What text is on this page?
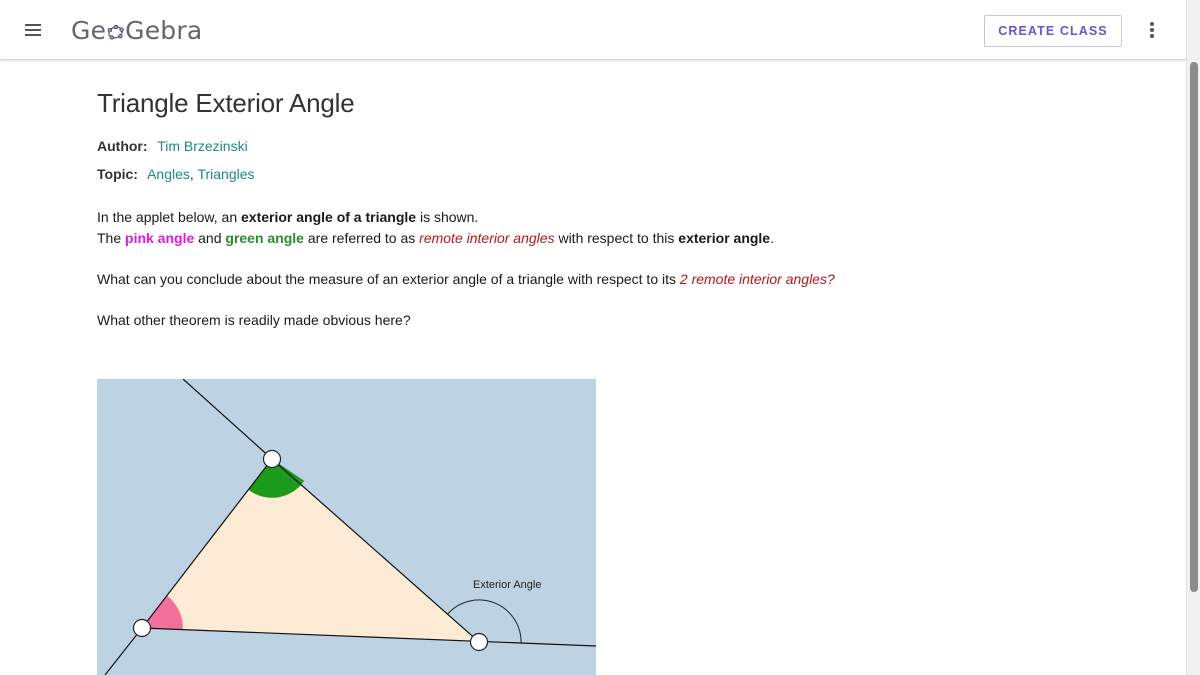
Ge Gebra	CREATE CLASS
Triangle Exterior Angle
Author: Tim Brzezinski
Topic: Angles, Triangles

In the applet below, an exterior angle of a triangle is shown.

The pink angle and green angle are referred to as remote interior angles with respect to this exterior angle.

What can you conclude about the measure of an exterior angle of a triangle with respect to its 2 remote interior angles?

What other theorem is readily made obvious here?

Exterior Angle
